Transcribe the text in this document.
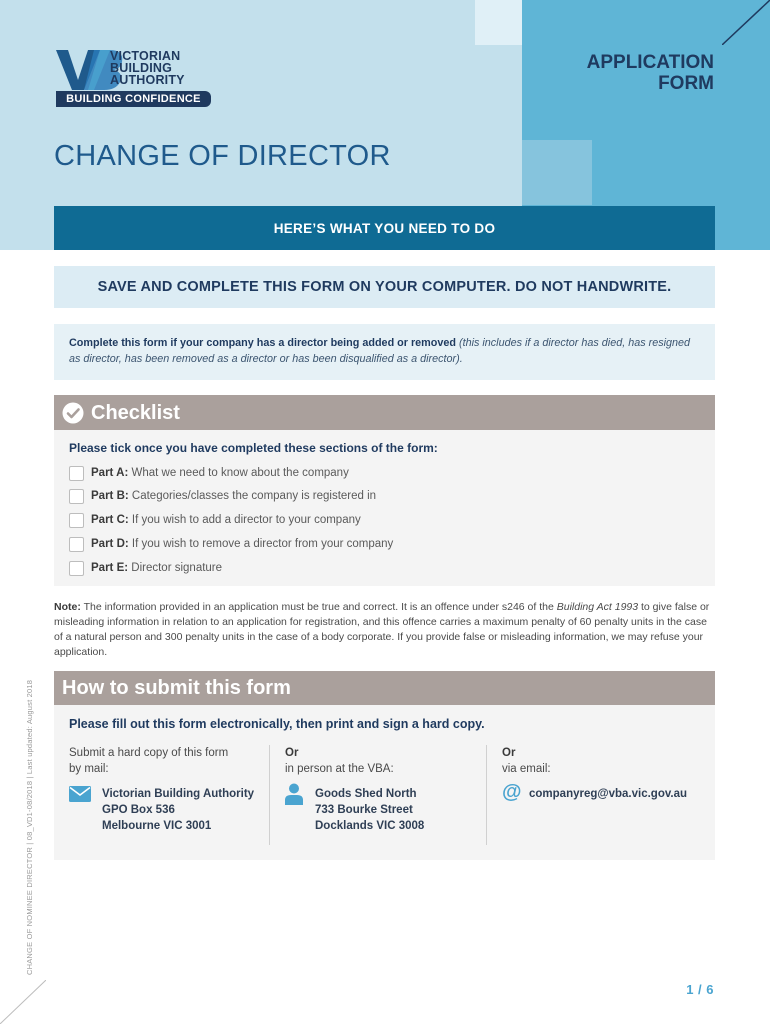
VICTORIAN
BUILDING
AUTHORITY
BUILDING CONFIDENCE
APPLICATION
FORM
CHANGE OF DIRECTOR
HERE’S WHAT YOU NEED TO DO
SAVE AND COMPLETE THIS FORM ON YOUR COMPUTER. DO NOT HANDWRITE.

Complete this form if your company has a director being added or removed (this includes if a director has died, has resigned as director, has been removed as a director or has been disqualified as a director).

Checklist
Please tick once you have completed these sections of the form:
Part A: What we need to know about the company
Part B: Categories/classes the company is registered in
Part C: If you wish to add a director to your company
Part D: If you wish to remove a director from your company
Part E: Director signature

Note: The information provided in an application must be true and correct. It is an offence under s246 of the Building Act 1993 to give false or misleading information in relation to an application for registration, and this offence carries a maximum penalty of 60 penalty units in the case of a natural person and 300 penalty units in the case of a body corporate. If you provide false or misleading information, we may refuse your application.

How to submit this form
Please fill out this form electronically, then print and sign a hard copy.
Submit a hard copy of this form
by mail:
Or
in person at the VBA:
Or
via email:
Victorian Building Authority
GPO Box 536
Melbourne VIC 3001
Goods Shed North
733 Bourke Street
Docklands VIC 3008
@ companyreg@vba.vic.gov.au
CHANGE OF NOMINEE DIRECTOR | 08_VD1-08/2018 | Last updated: August 2018
1 / 6
